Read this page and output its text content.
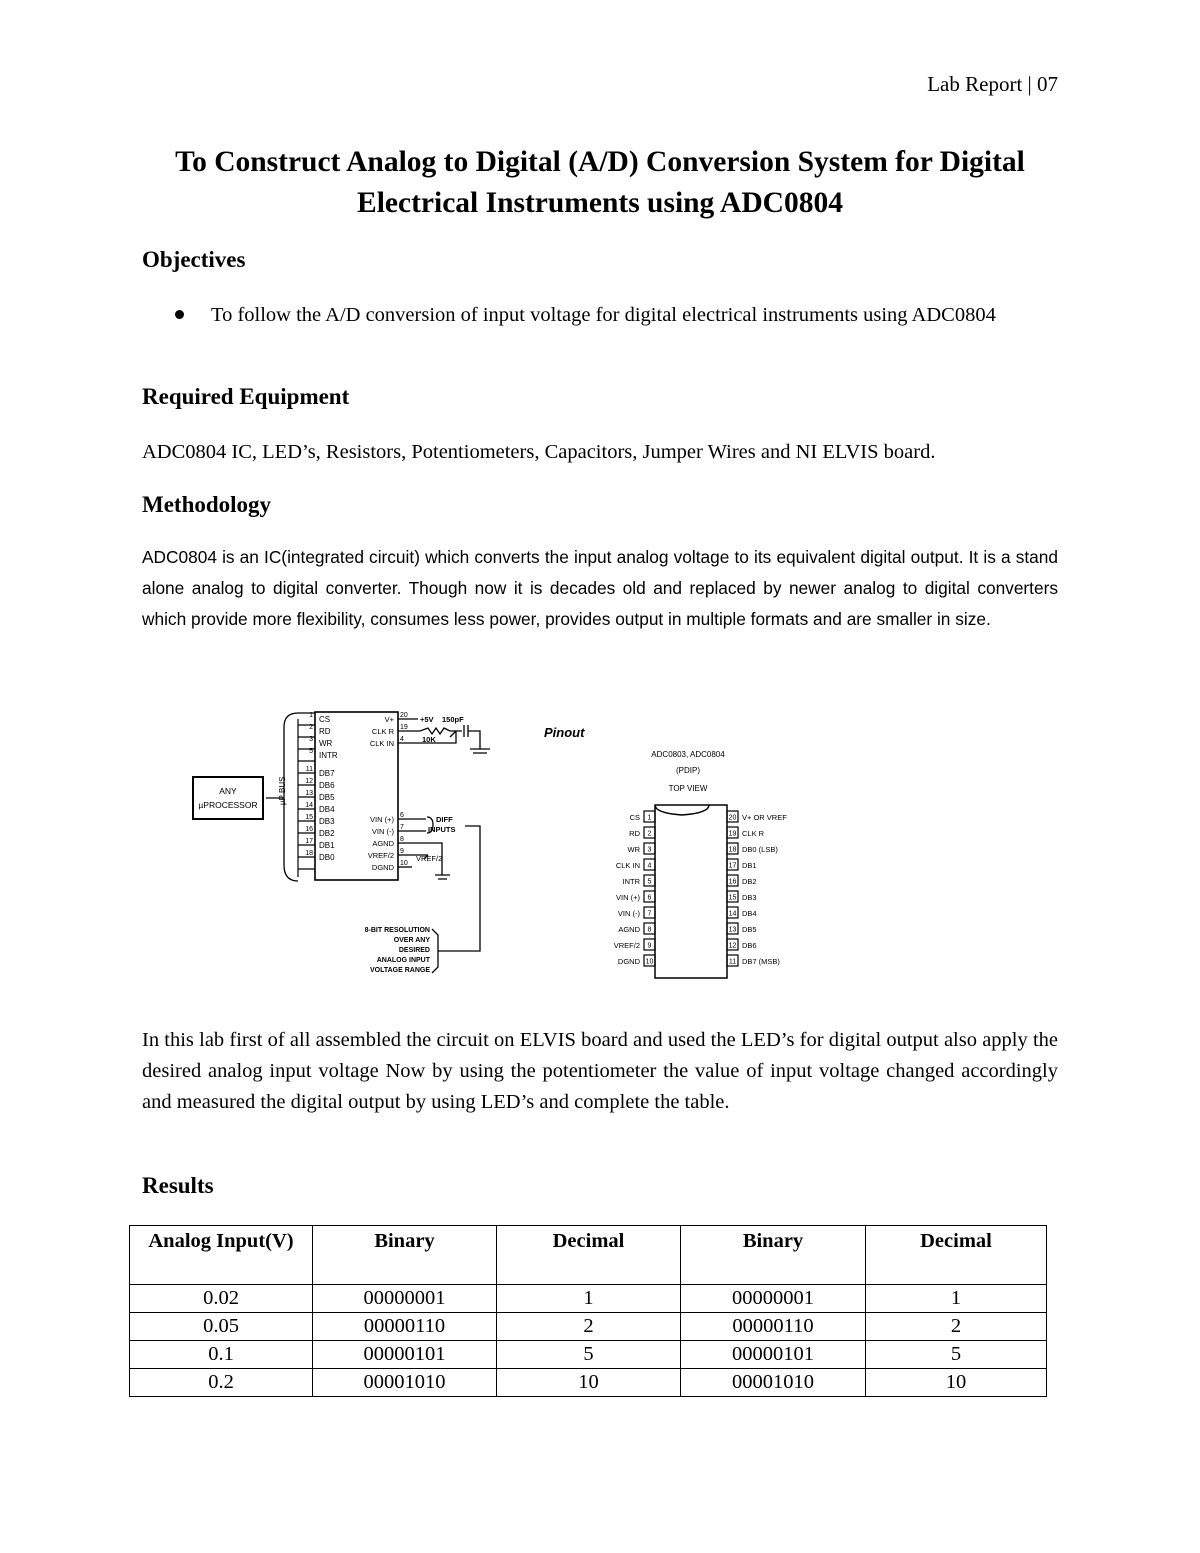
Lab Report | 07
To Construct Analog to Digital (A/D) Conversion System for Digital
Electrical Instruments using ADC0804
Objectives
To follow the A/D conversion of input voltage for digital electrical instruments using ADC0804
Required Equipment
ADC0804 IC, LED’s, Resistors, Potentiometers, Capacitors, Jumper Wires and NI ELVIS board.
Methodology
ADC0804 is an IC(integrated circuit) which converts the input analog voltage to its equivalent digital output. It is a stand alone analog to digital converter. Though now it is decades old and replaced by newer analog to digital converters which provide more flexibility, consumes less power, provides output in multiple formats and are smaller in size.
ANY
µPROCESSOR	µP BUS
1
2
3
5
11
12
13
14
15
16
17
18
CS
RD
WR
INTR
DB7
DB6
DB5
DB4
DB3
DB2
DB1
DB0
V+
CLK R
CLK IN
VIN (+)
VIN (-)
AGND
VREF/2
DGND
20
19
4
6
7
8
9
10
+5V 150pF
10K
DIFF
INPUTS
VREF/2
8-BIT RESOLUTION
OVER ANY
DESIRED
ANALOG INPUT
VOLTAGE RANGE
Pinout
ADC0803, ADC0804
(PDIP)
TOP VIEW
1
2
3
4
5
6
7
8
9
10
20
19
18
17
16
15
14
13
12
11
CS
RD
WR
CLK IN
INTR
VIN (+)
VIN (-)
AGND
VREF/2
DGND
V+ OR VREF
CLK R
DB0 (LSB)
DB1
DB2
DB3
DB4
DB5
DB6
DB7 (MSB)
In this lab first of all assembled the circuit on ELVIS board and used the LED’s for digital output also apply the desired analog input voltage Now by using the potentiometer the value of input voltage changed accordingly and measured the digital output by using LED’s and complete the table.
Results
Analog Input(V)	Binary	Decimal	Binary	Decimal
0.02	00000001	1	00000001	1
0.05	00000110	2	00000110	2
0.1	00000101	5	00000101	5
0.2	00001010	10	00001010	10
